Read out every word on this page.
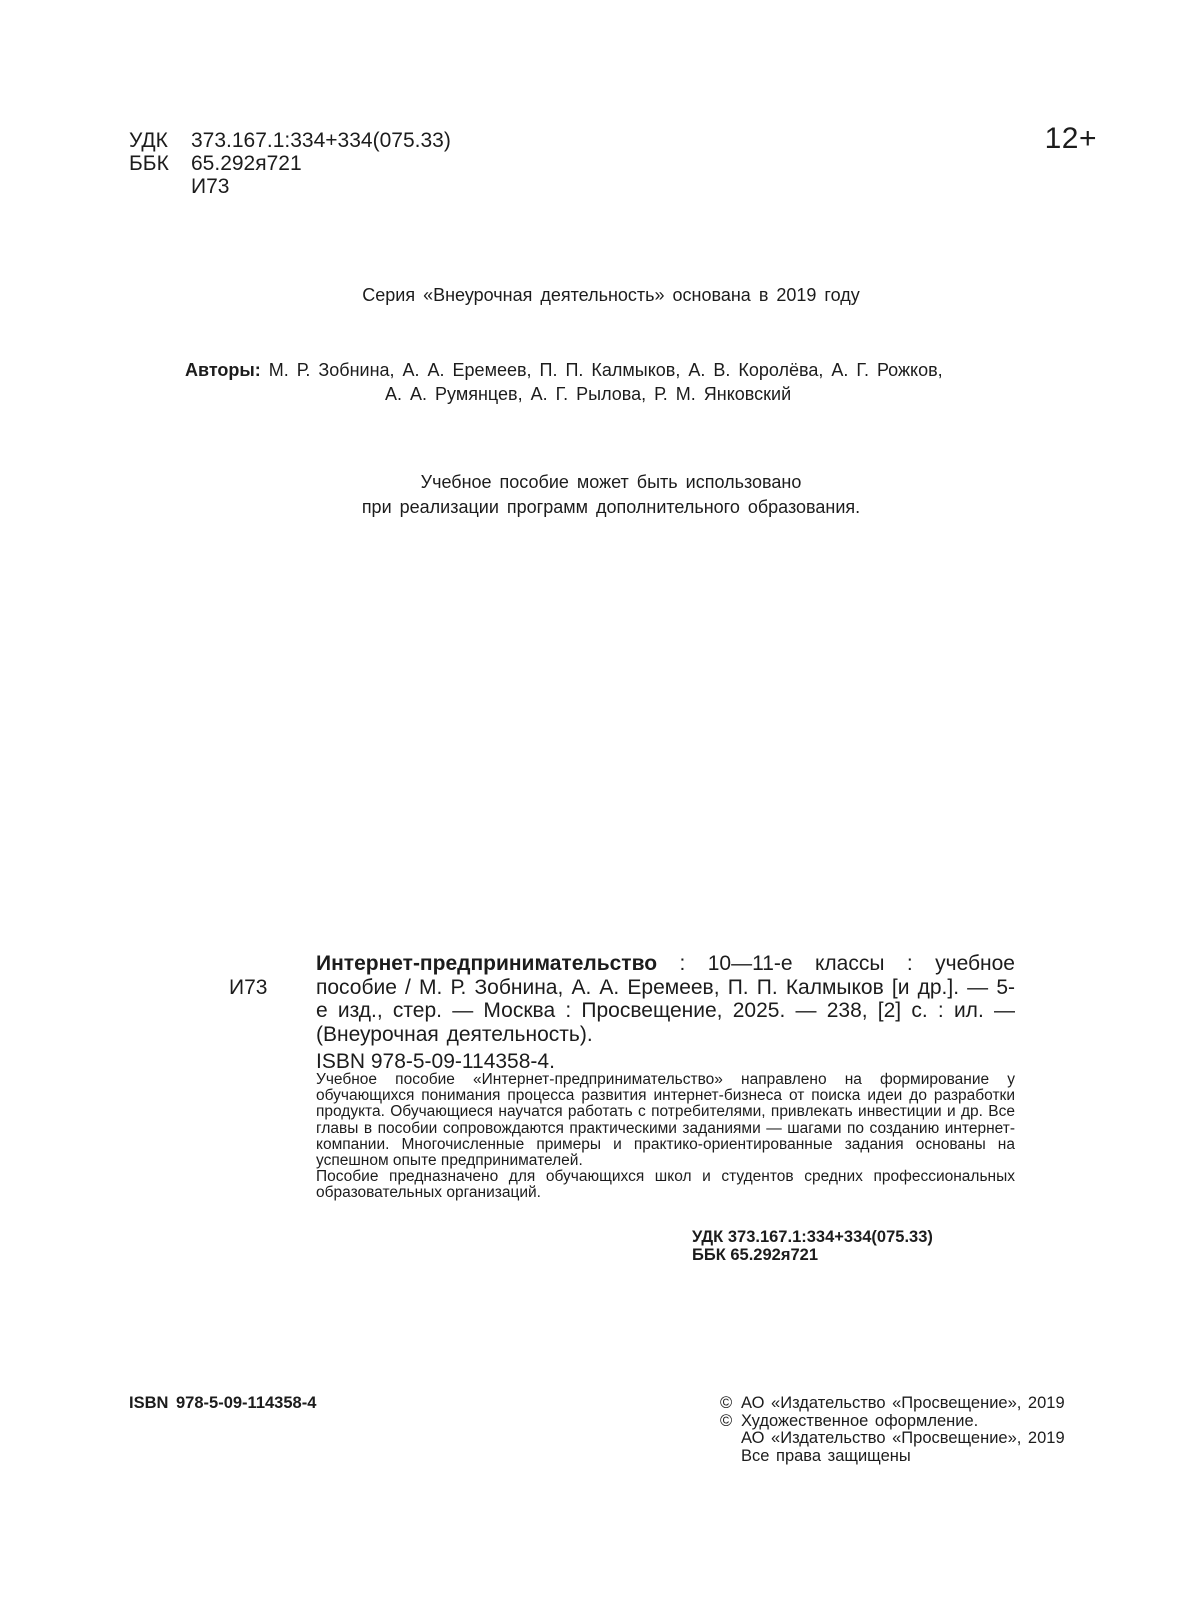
УДК	373.167.1:334+334(075.33)
ББК	65.292я721
И73
12+
Серия «Внеурочная деятельность» основана в 2019 году
Авторы: М. Р. Зобнина, А. А. Еремеев, П. П. Калмыков, А. В. Королёва, А. Г. Рожков,
А. А. Румянцев, А. Г. Рылова, Р. М. Янковский
Учебное пособие может быть использовано
при реализации программ дополнительного образования.
И73
Интернет-предпринимательство : 10—11-е классы : учебное пособие / М. Р. Зобнина, А. А. Еремеев, П. П. Калмыков [и др.]. — 5-е изд., стер. — Москва : Просвещение, 2025. — 238, [2] с. : ил. — (Внеурочная деятельность).
ISBN 978-5-09-114358-4.

Учебное пособие «Интернет-предпринимательство» направлено на формирование у обучающихся понимания процесса развития интернет-бизнеса от поиска идеи до разработки продукта. Обучающиеся научатся работать с потребителями, привлекать инвестиции и др. Все главы в пособии сопровождаются практическими заданиями — шагами по созданию интернет-компании. Многочисленные примеры и практико-ориентированные задания основаны на успешном опыте предпринимателей.

Пособие предназначено для обучающихся школ и студентов средних профессиональных образовательных организаций.

УДК 373.167.1:334+334(075.33)
ББК 65.292я721
ISBN 978-5-09-114358-4	© АО «Издательство «Просвещение», 2019
© Художественное оформление.
АО «Издательство «Просвещение», 2019
Все права защищены
